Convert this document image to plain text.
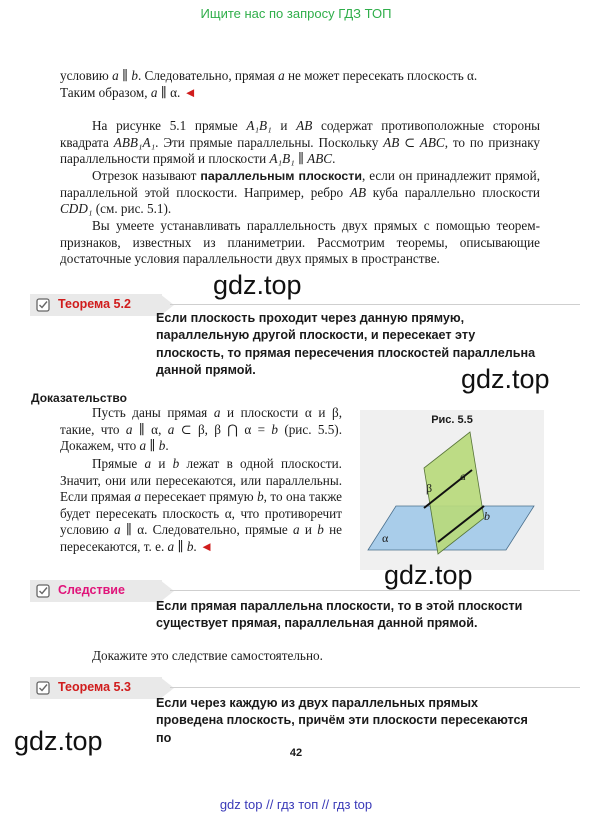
Ищите нас по запросу ГДЗ ТОП
условию a ∥ b. Следовательно, прямая a не может пересекать плоскость α.
Таким образом, a ∥ α. ◄
На рисунке 5.1 прямые A₁B₁ и AB содержат противоположные стороны квадрата ABB₁A₁. Эти прямые параллельны. Поскольку AB ⊂ ABC, то по признаку параллельности прямой и плоскости A₁B₁ ∥ ABC.
Отрезок называют параллельным плоскости, если он принадлежит прямой, параллельной этой плоскости. Например, ребро AB куба параллельно плоскости CDD₁ (см. рис. 5.1).
Вы умеете устанавливать параллельность двух прямых с помощью теорем-признаков, известных из планиметрии. Рассмотрим теоремы, описывающие достаточные условия параллельности двух прямых в пространстве.
gdz.top
Теорема 5.2
Если плоскость проходит через данную прямую, параллельную другой плоскости, и пересекает эту плоскость, то прямая пересечения плоскостей параллельна данной прямой.	gdz.top
Доказательство
Пусть даны прямая a и плоскости α и β, такие, что a ∥ α, a ⊂ β, β ⋂ α = b (рис. 5.5). Докажем, что a ∥ b.
Прямые a и b лежат в одной плоскости. Значит, они или пересекаются, или параллельны. Если прямая a пересекает прямую b, то она также будет пересекать плоскость α, что противоречит условию a ∥ α. Следовательно, прямые a и b не пересекаются, т. е. a ∥ b. ◄
Рис. 5.5
a
b
α
β
gdz.top
Следствие
Если прямая параллельна плоскости, то в этой плоскости существует прямая, параллельная данной прямой.
Докажите это следствие самостоятельно.
Теорема 5.3
Если через каждую из двух параллельных прямых проведена плоскость, причём эти плоскости пересекаются по
gdz.top	42
gdz top // гдз топ // гдз top
